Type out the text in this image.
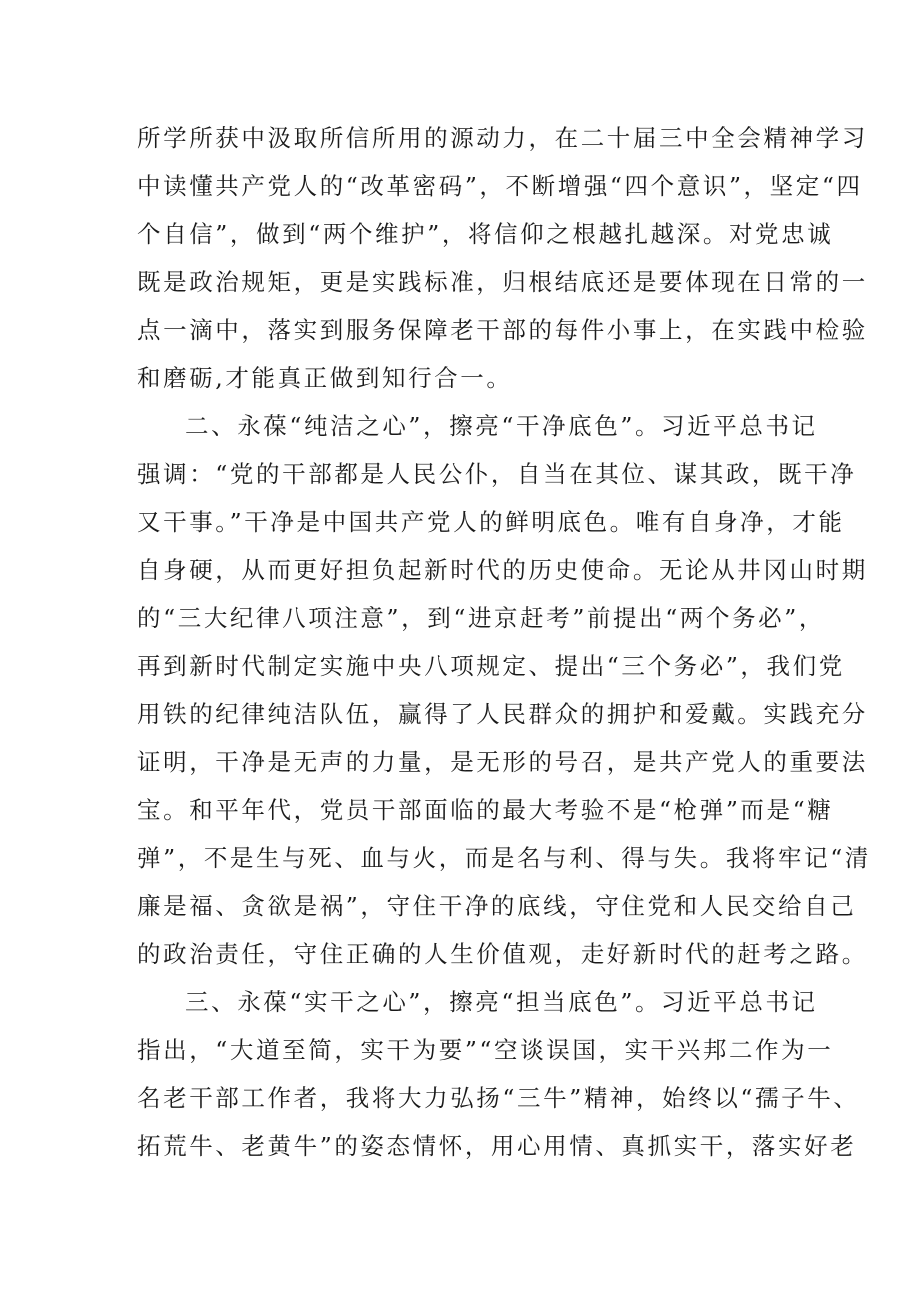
所学所获中汲取所信所用的源动力，在二十届三中全会精神学习
中读懂共产党人的“改革密码”，不断增强“四个意识”，坚定“四
个自信”，做到“两个维护”，将信仰之根越扎越深。对党忠诚
既是政治规矩，更是实践标准，归根结底还是要体现在日常的一
点一滴中，落实到服务保障老干部的每件小事上，在实践中检验
和磨砺,才能真正做到知行合一。
二、永葆“纯洁之心”，擦亮“干净底色”。习近平总书记
强调：“党的干部都是人民公仆，自当在其位、谋其政，既干净
又干事。”干净是中国共产党人的鲜明底色。唯有自身净，才能
自身硬，从而更好担负起新时代的历史使命。无论从井冈山时期
的“三大纪律八项注意”，到“进京赶考”前提出“两个务必”，
再到新时代制定实施中央八项规定、提出“三个务必”，我们党
用铁的纪律纯洁队伍，赢得了人民群众的拥护和爱戴。实践充分
证明，干净是无声的力量，是无形的号召，是共产党人的重要法
宝。和平年代，党员干部面临的最大考验不是“枪弹”而是“糖
弹”，不是生与死、血与火，而是名与利、得与失。我将牢记“清
廉是福、贪欲是祸”，守住干净的底线，守住党和人民交给自己
的政治责任，守住正确的人生价值观，走好新时代的赶考之路。
三、永葆“实干之心”，擦亮“担当底色”。习近平总书记
指出，“大道至简，实干为要”“空谈误国，实干兴邦二作为一
名老干部工作者，我将大力弘扬“三牛”精神，始终以“孺子牛、
拓荒牛、老黄牛”的姿态情怀，用心用情、真抓实干，落实好老
